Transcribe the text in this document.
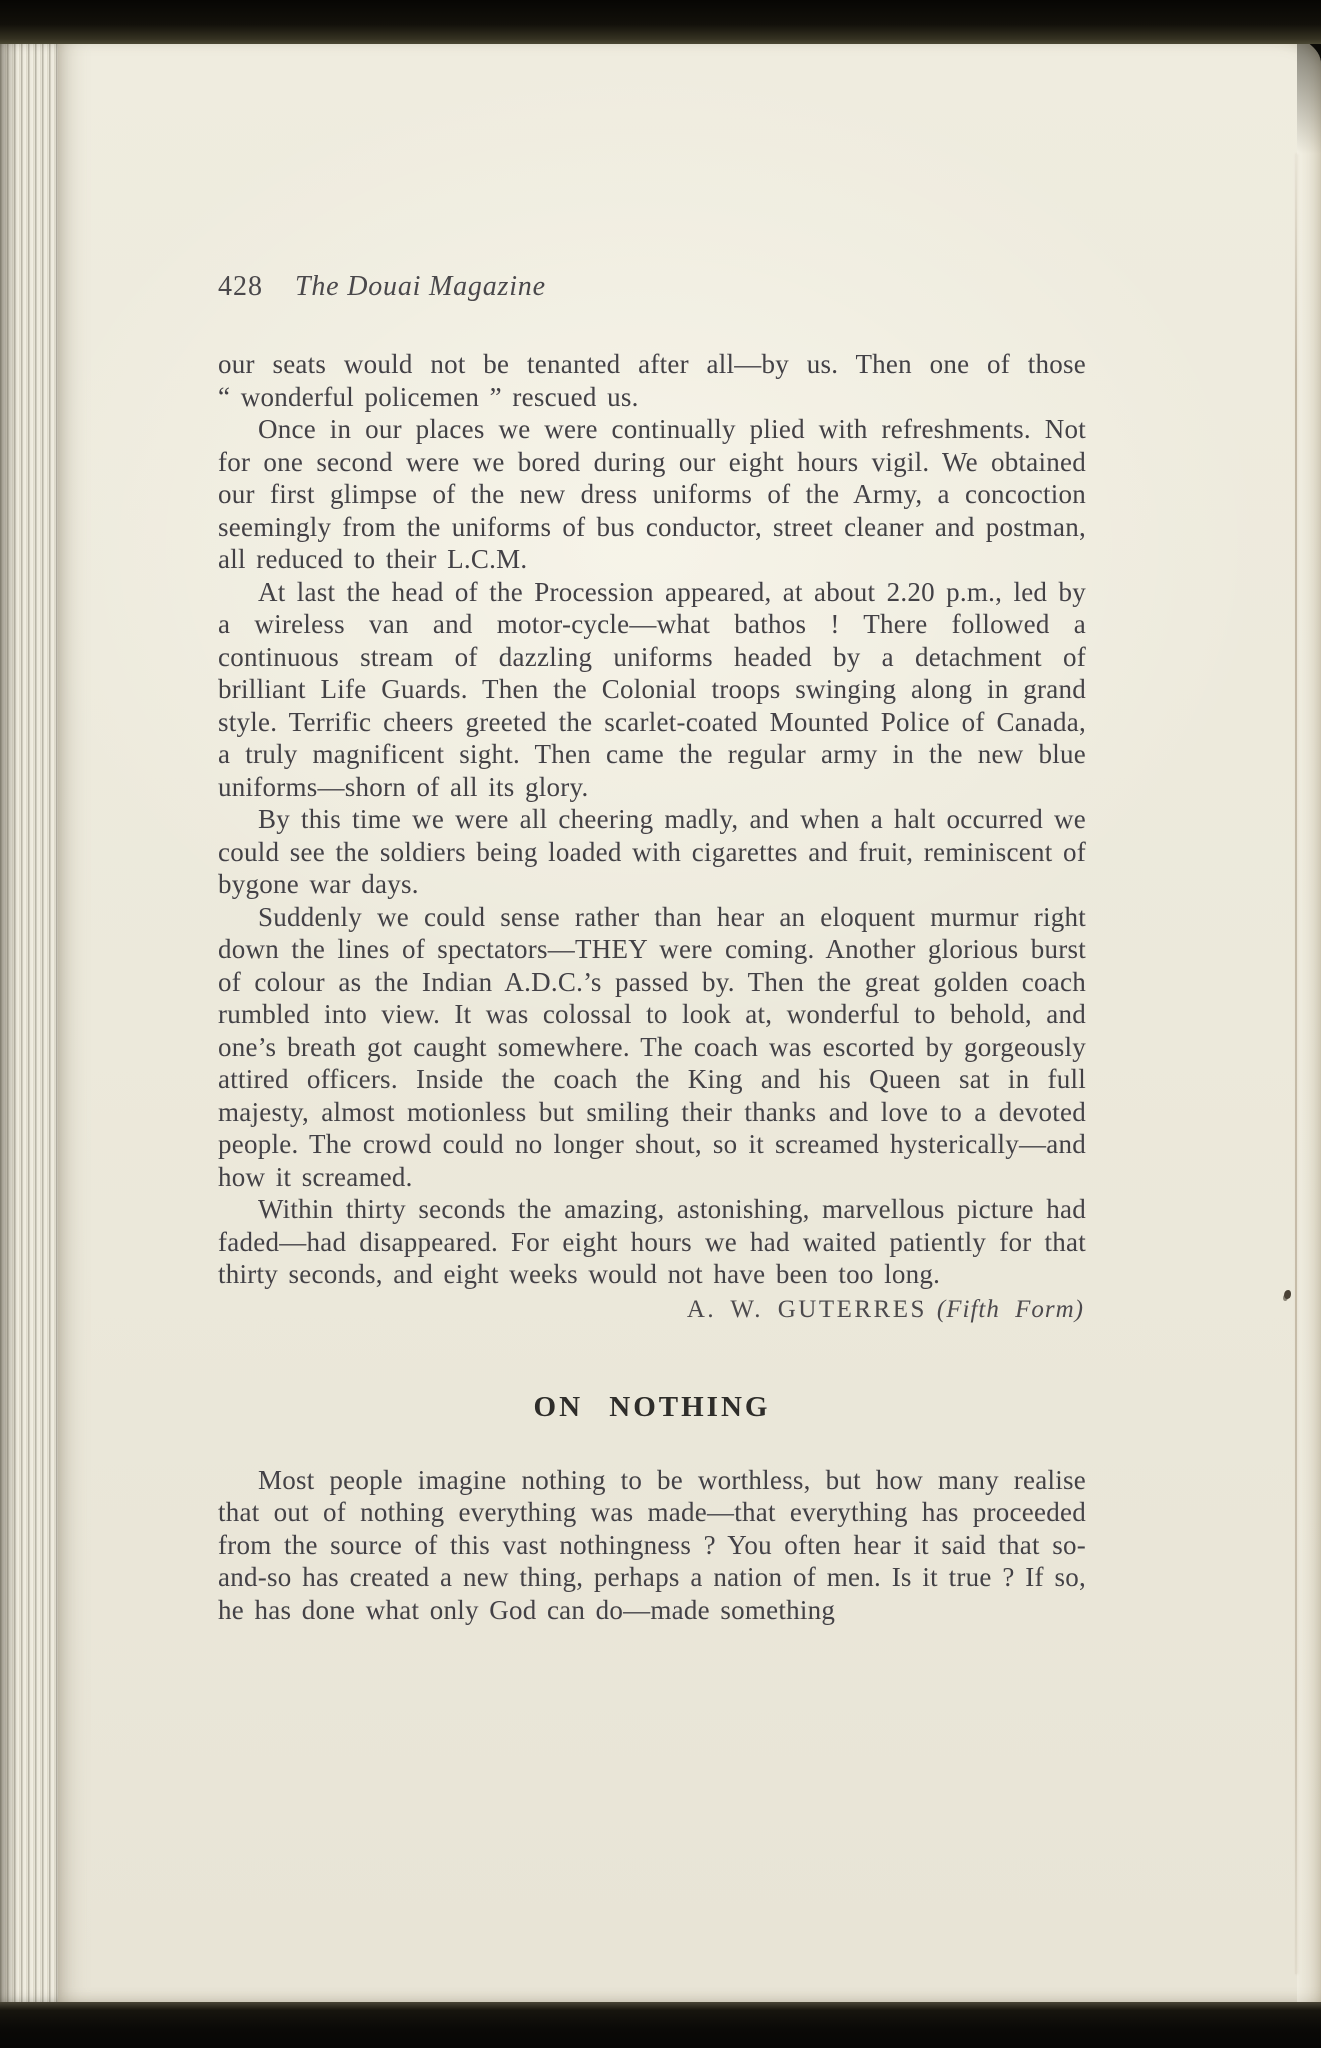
428 The Douai Magazine

our seats would not be tenanted after all—by us. Then one of those “ wonderful policemen ” rescued us.

Once in our places we were continually plied with refreshments. Not for one second were we bored during our eight hours vigil. We obtained our first glimpse of the new dress uniforms of the Army, a concoction seemingly from the uniforms of bus conductor, street cleaner and postman, all reduced to their L.C.M.

At last the head of the Procession appeared, at about 2.20 p.m., led by a wireless van and motor-cycle—what bathos ! There followed a continuous stream of dazzling uniforms headed by a detachment of brilliant Life Guards. Then the Colonial troops swinging along in grand style. Terrific cheers greeted the scarlet-coated Mounted Police of Canada, a truly magnificent sight. Then came the regular army in the new blue uniforms—shorn of all its glory.

By this time we were all cheering madly, and when a halt occurred we could see the soldiers being loaded with cigarettes and fruit, reminiscent of bygone war days.

Suddenly we could sense rather than hear an eloquent murmur right down the lines of spectators—THEY were coming. Another glorious burst of colour as the Indian A.D.C.’s passed by. Then the great golden coach rumbled into view. It was colossal to look at, wonderful to behold, and one’s breath got caught somewhere. The coach was escorted by gorgeously attired officers. Inside the coach the King and his Queen sat in full majesty, almost motionless but smiling their thanks and love to a devoted people. The crowd could no longer shout, so it screamed hysterically—and how it screamed.

Within thirty seconds the amazing, astonishing, marvellous picture had faded—had disappeared. For eight hours we had waited patiently for that thirty seconds, and eight weeks would not have been too long.

A. W. GUTERRES (Fifth Form)
ON NOTHING

Most people imagine nothing to be worthless, but how many realise that out of nothing everything was made—that everything has proceeded from the source of this vast nothingness ? You often hear it said that so-and-so has created a new thing, perhaps a nation of men. Is it true ? If so, he has done what only God can do—made something
